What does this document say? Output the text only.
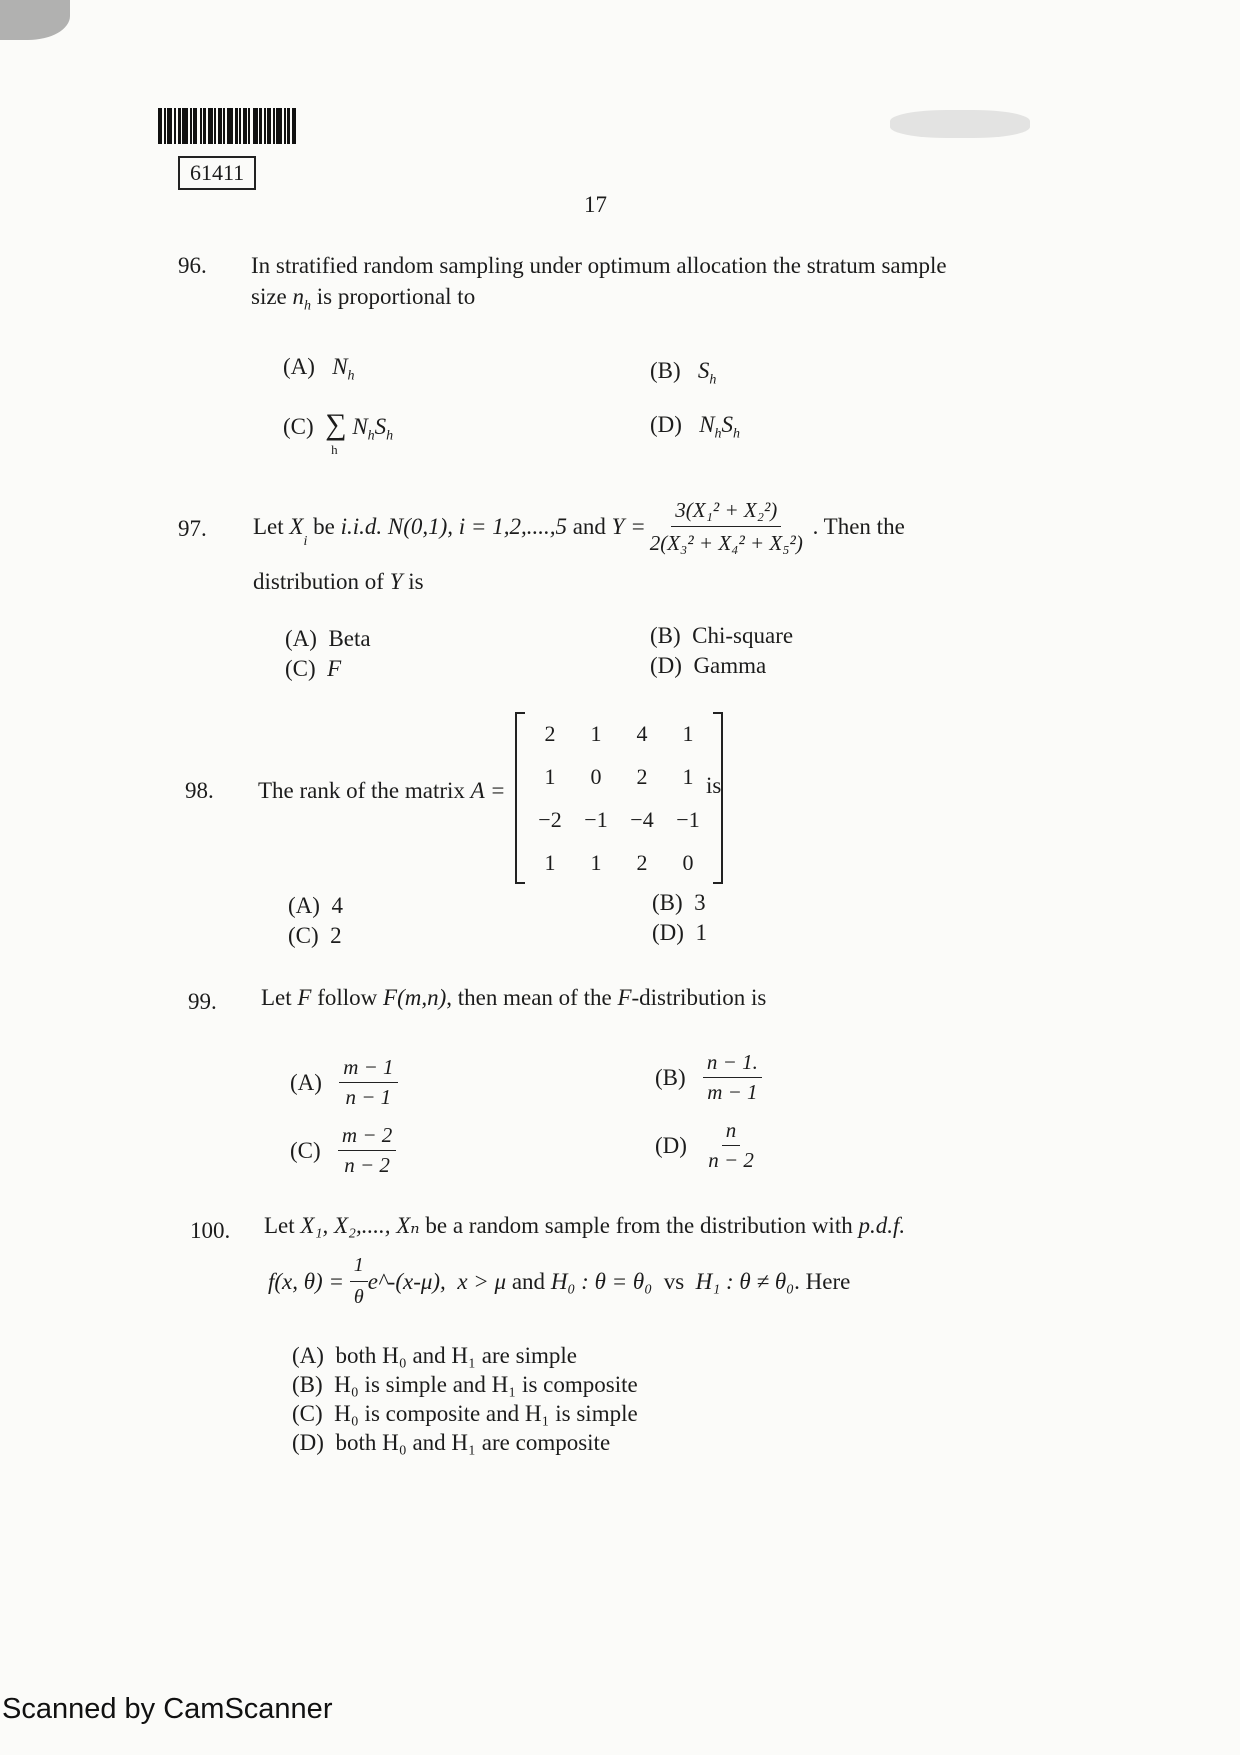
61411
17
96. In stratified random sampling under optimum allocation the stratum sample
size $n_h$ is proportional to
(A) $N_h$	(B) $S_h$
(C) ∑
h
$N_hS_h$	(D) $N_hS_h$
97. Let
X
$_i$

be
i.i.d.
N(0,1),
i = 1,2,....,5
and
$Y = \frac{\text{3(X₁² + X₂²)}}{\text{2(X₃² + X₄² + X₅²)}}$
. Then the
distribution of Y is
(A) Beta	(B) Chi-square
(C) F	(D) Gamma
98. The rank of the matrix A =
2	1	4	1
1	0	2	1
−2	−1	−4	−1
1	1	2	0
is
(A) 4	(B) 3
(C) 2	(D) 1
99. Let F follow F(m,n), then mean of the F-distribution is
(A)
$\frac{m - 1}{n - 1}$	(B)
$\frac{n - 1.}{m - 1}$
(C)
$\frac{m - 2}{n - 2}$	(D)
$\frac{n}{n - 2}$
100. Let X₁, X₂,...., Xₙ be a random sample from the distribution with p.d.f.
f(x, θ) =
$\frac{1}{\theta}$ e^-(x-μ),
x > μ
and
H₀ : θ = θ₀
vs
H₁ : θ ≠ θ₀ . Here
(A) both H₀ and H₁ are simple
(B) H₀ is simple and H₁ is composite
(C) H₀ is composite and H₁ is simple
(D) both H₀ and H₁ are composite
Scanned by CamScanner
